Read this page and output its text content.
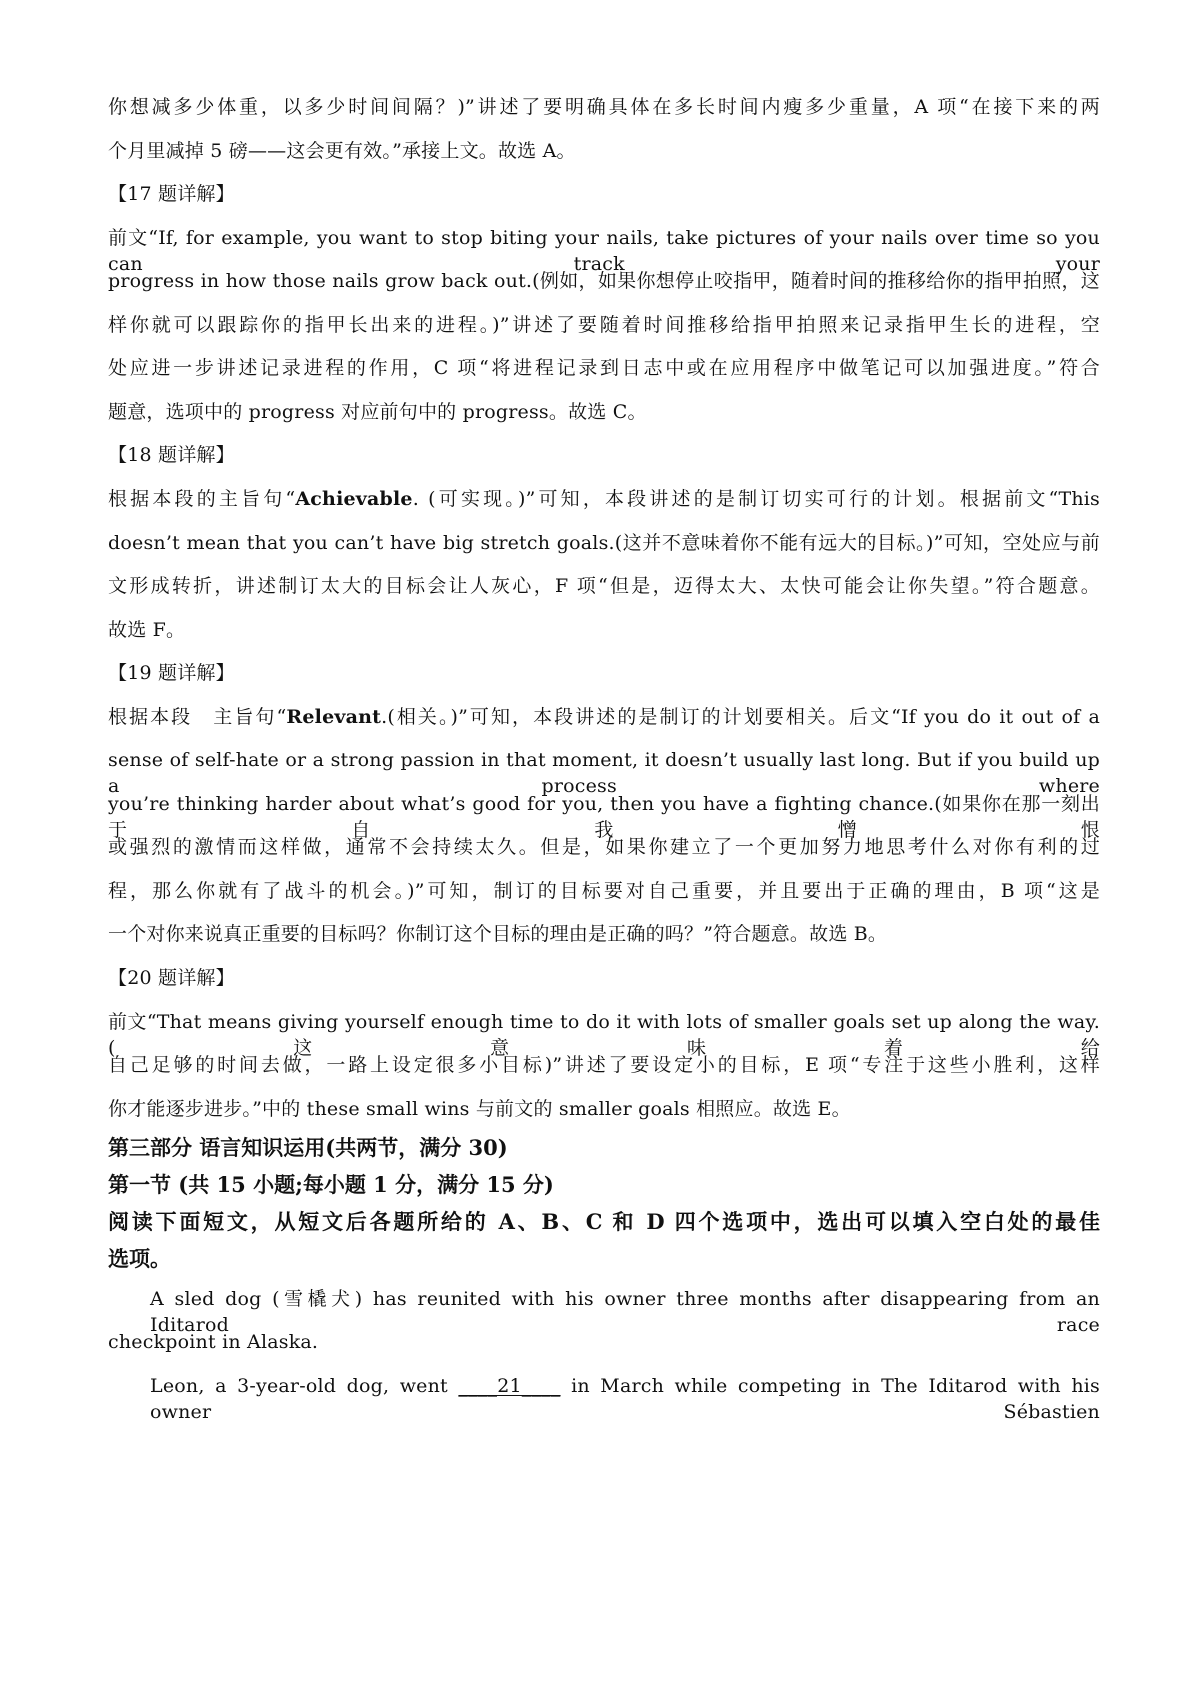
你想减多少体重，以多少时间间隔？)”讲述了要明确具体在多长时间内瘦多少重量，A 项“在接下来的两
个月里减掉 5 磅——这会更有效。”承接上文。故选 A。
【17 题详解】
前文“If, for example, you want to stop biting your nails, take pictures of your nails over time so you can track your
progress in how those nails grow back out.(例如，如果你想停止咬指甲，随着时间的推移给你的指甲拍照，这
样你就可以跟踪你的指甲长出来的进程。)”讲述了要随着时间推移给指甲拍照来记录指甲生长的进程，空
处应进一步讲述记录进程的作用，C 项“将进程记录到日志中或在应用程序中做笔记可以加强进度。”符合
题意，选项中的 progress 对应前句中的 progress。故选 C。
【18 题详解】
根据本段的主旨句“Achievable. (可实现。)”可知，本段讲述的是制订切实可行的计划。根据前文“This
doesn’t mean that you can’t have big stretch goals.(这并不意味着你不能有远大的目标。)”可知，空处应与前
文形成转折，讲述制订太大的目标会让人灰心，F 项“但是，迈得太大、太快可能会让你失望。”符合题意。
故选 F。
【19 题详解】
根据本段　主旨句“Relevant.(相关。)”可知，本段讲述的是制订的计划要相关。后文“If you do it out of a
sense of self-hate or a strong passion in that moment, it doesn’t usually last long. But if you build up a process where
you’re thinking harder about what’s good for you, then you have a fighting chance.(如果你在那一刻出于自我憎恨
或强烈的激情而这样做，通常不会持续太久。但是，如果你建立了一个更加努力地思考什么对你有利的过
程，那么你就有了战斗的机会。)”可知，制订的目标要对自己重要，并且要出于正确的理由，B 项“这是
一个对你来说真正重要的目标吗？你制订这个目标的理由是正确的吗？”符合题意。故选 B。
【20 题详解】
前文“That means giving yourself enough time to do it with lots of smaller goals set up along the way.(这意味着给
自己足够的时间去做，一路上设定很多小目标)”讲述了要设定小的目标，E 项“专注于这些小胜利，这样
你才能逐步进步。”中的 these small wins 与前文的 smaller goals 相照应。故选 E。
第三部分 语言知识运用(共两节，满分 30)
第一节 (共 15 小题;每小题 1 分，满分 15 分)
阅读下面短文，从短文后各题所给的 A、B、C 和 D 四个选项中，选出可以填入空白处的最佳
选项。
A sled dog (雪橇犬) has reunited with his owner three months after disappearing from an Iditarod race
checkpoint in Alaska.
Leon, a 3-year-old dog, went ____21____ in March while competing in The Iditarod with his owner Sébastien
